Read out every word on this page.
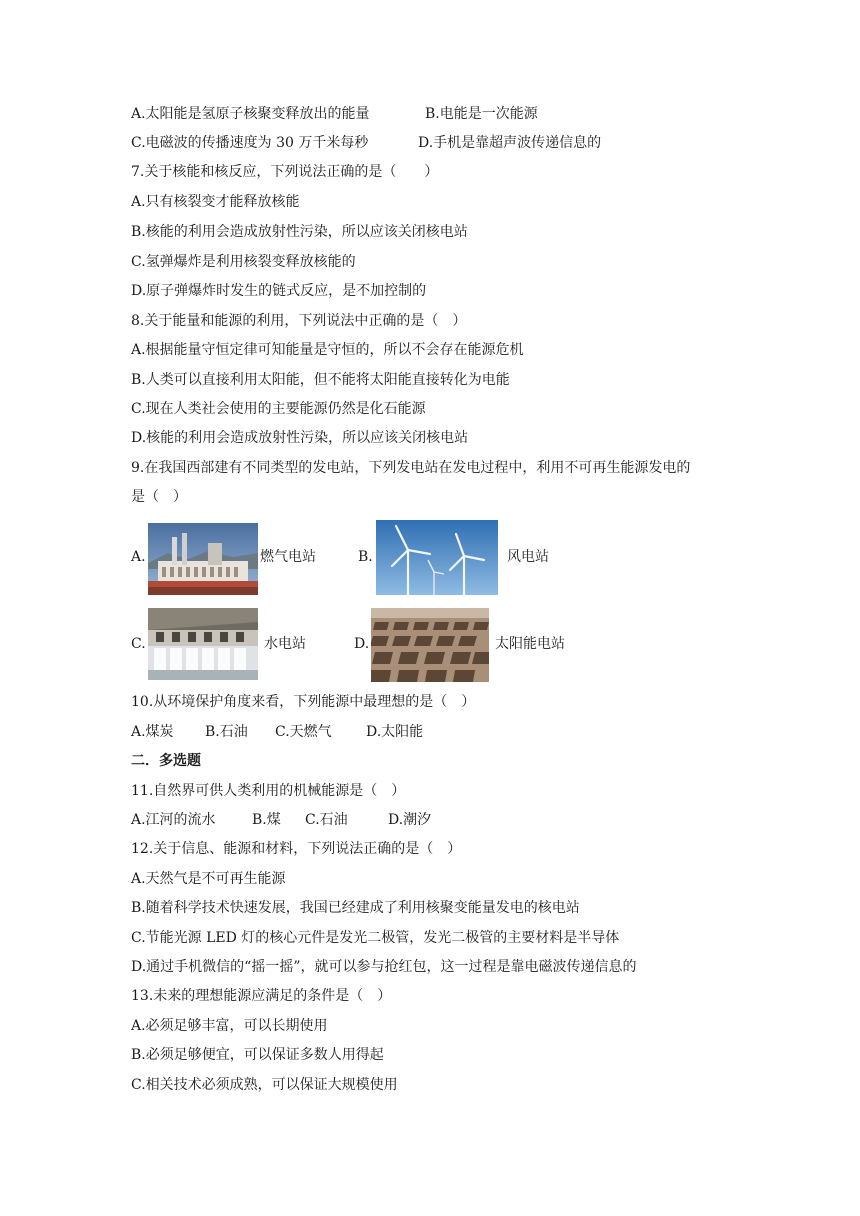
A.太阳能是氢原子核聚变释放出的能量	B.电能是一次能源
C.电磁波的传播速度为 30 万千米每秒	D.手机是靠超声波传递信息的
7.关于核能和核反应，下列说法正确的是（　　）
A.只有核裂变才能释放核能
B.核能的利用会造成放射性污染，所以应该关闭核电站
C.氢弹爆炸是利用核裂变释放核能的
D.原子弹爆炸时发生的链式反应，是不加控制的
8.关于能量和能源的利用，下列说法中正确的是（　）
A.根据能量守恒定律可知能量是守恒的，所以不会存在能源危机
B.人类可以直接利用太阳能，但不能将太阳能直接转化为电能
C.现在人类社会使用的主要能源仍然是化石能源
D.核能的利用会造成放射性污染，所以应该关闭核电站
9.在我国西部建有不同类型的发电站，下列发电站在发电过程中，利用不可再生能源发电的
是（　）
A.	燃气电站	B.	风电站
C.	水电站	D.	太阳能电站
10.从环境保护角度来看，下列能源中最理想的是（　）
A.煤炭 B.石油 C.天燃气 D.太阳能
二．多选题
11.自然界可供人类利用的机械能源是（　）
A.江河的流水	B.煤 C.石油	D.潮汐
12.关于信息、能源和材料，下列说法正确的是（　）
A.天然气是不可再生能源
B.随着科学技术快速发展，我国已经建成了利用核聚变能量发电的核电站
C.节能光源 LED 灯的核心元件是发光二极管，发光二极管的主要材料是半导体
D.通过手机微信的“摇一摇”，就可以参与抢红包，这一过程是靠电磁波传递信息的
13.未来的理想能源应满足的条件是（　）
A.必须足够丰富，可以长期使用
B.必须足够便宜，可以保证多数人用得起
C.相关技术必须成熟，可以保证大规模使用
